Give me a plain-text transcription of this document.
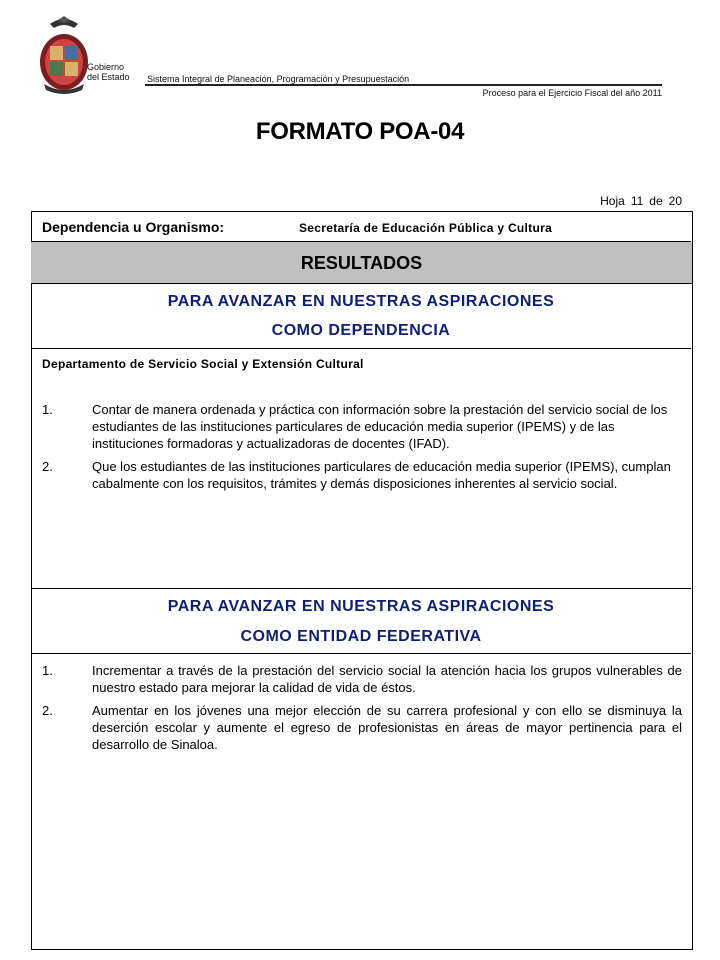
Gobierno
del Estado Sistema Integral de Planeación, Programación y Presupuestación
Proceso para el Ejercicio Fiscal del año 2011
FORMATO POA-04
Hoja 11 de 20
Dependencia u Organismo:	Secretaría de Educación Pública y Cultura
RESULTADOS
PARA AVANZAR EN NUESTRAS ASPIRACIONES
COMO DEPENDENCIA
Departamento de Servicio Social y Extensión Cultural
1.	Contar de manera ordenada y práctica con información sobre la prestación del servicio social de los estudiantes de las instituciones particulares de educación media superior (IPEMS) y de las instituciones formadoras y actualizadoras de docentes (IFAD).
2.	Que los estudiantes de las instituciones particulares de educación media superior (IPEMS), cumplan cabalmente con los requisitos, trámites y demás disposiciones inherentes al servicio social.
PARA AVANZAR EN NUESTRAS ASPIRACIONES
COMO ENTIDAD FEDERATIVA
1.	Incrementar a través de la prestación del servicio social la atención hacia los grupos vulnerables de nuestro estado para mejorar la calidad de vida de éstos.
2.	Aumentar en los jóvenes una mejor elección de su carrera profesional y con ello se disminuya la deserción escolar y aumente el egreso de profesionistas en áreas de mayor pertinencia para el desarrollo de Sinaloa.
